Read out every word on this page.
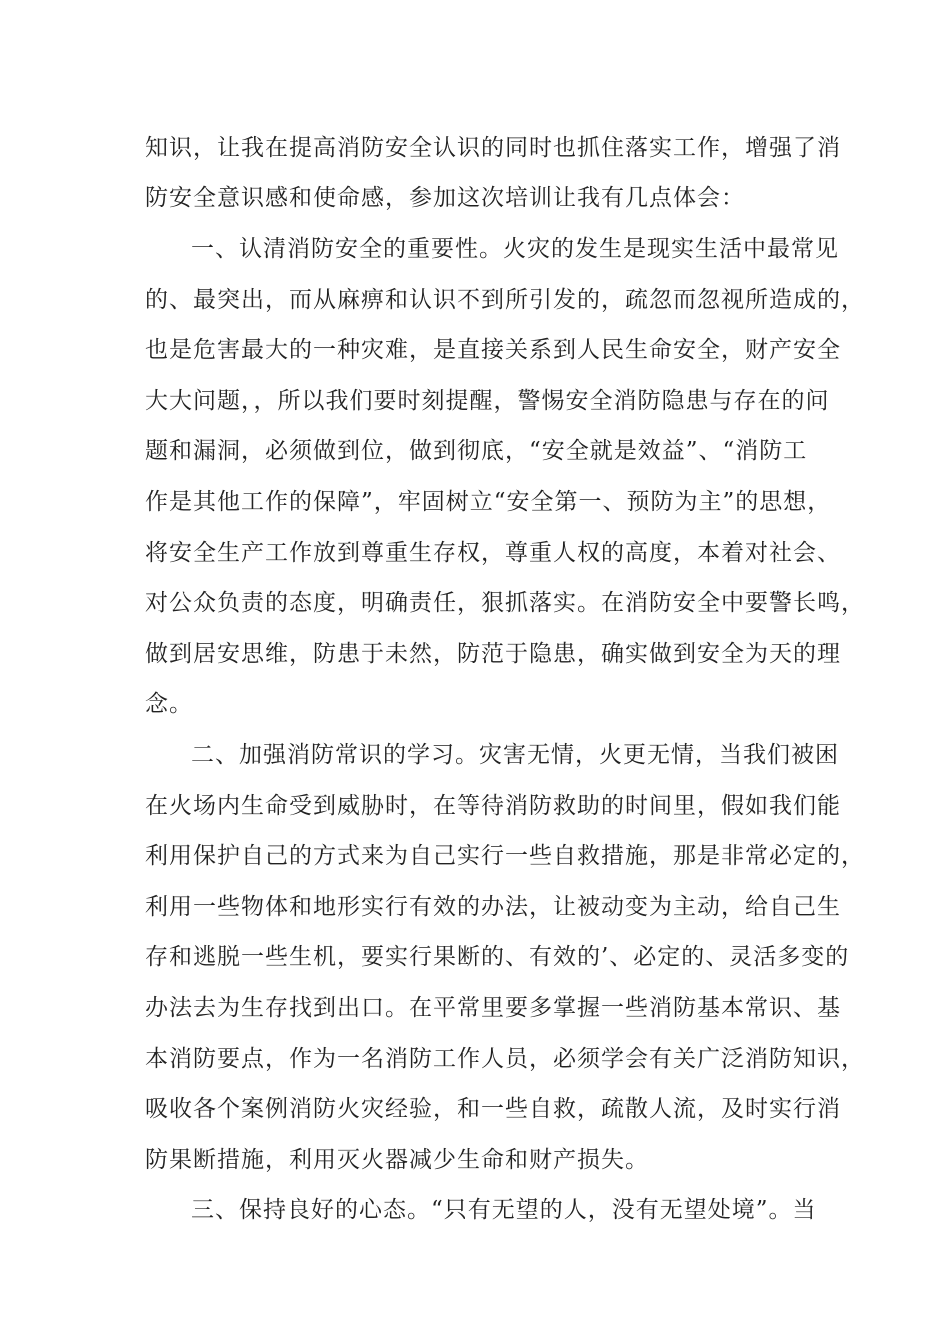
知识，让我在提高消防安全认识的同时也抓住落实工作，增强了消
防安全意识感和使命感，参加这次培训让我有几点体会：
一、认清消防安全的重要性。火灾的发生是现实生活中最常见
的、最突出，而从麻痹和认识不到所引发的，疏忽而忽视所造成的，
也是危害最大的一种灾难，是直接关系到人民生命安全，财产安全
大大问题，，所以我们要时刻提醒，警惕安全消防隐患与存在的问
题和漏洞，必须做到位，做到彻底，“安全就是效益”、“消防工
作是其他工作的保障”，牢固树立“安全第一、预防为主”的思想，
将安全生产工作放到尊重生存权，尊重人权的高度，本着对社会、
对公众负责的态度，明确责任，狠抓落实。在消防安全中要警长鸣，
做到居安思维，防患于未然，防范于隐患，确实做到安全为天的理
念。
二、加强消防常识的学习。灾害无情，火更无情，当我们被困
在火场内生命受到威胁时，在等待消防救助的时间里，假如我们能
利用保护自己的方式来为自己实行一些自救措施，那是非常必定的，
利用一些物体和地形实行有效的办法，让被动变为主动，给自己生
存和逃脱一些生机，要实行果断的、有效的’、必定的、灵活多变的
办法去为生存找到出口。在平常里要多掌握一些消防基本常识、基
本消防要点，作为一名消防工作人员，必须学会有关广泛消防知识，
吸收各个案例消防火灾经验，和一些自救，疏散人流，及时实行消
防果断措施，利用灭火器减少生命和财产损失。
三、保持良好的心态。“只有无望的人，没有无望处境”。当
